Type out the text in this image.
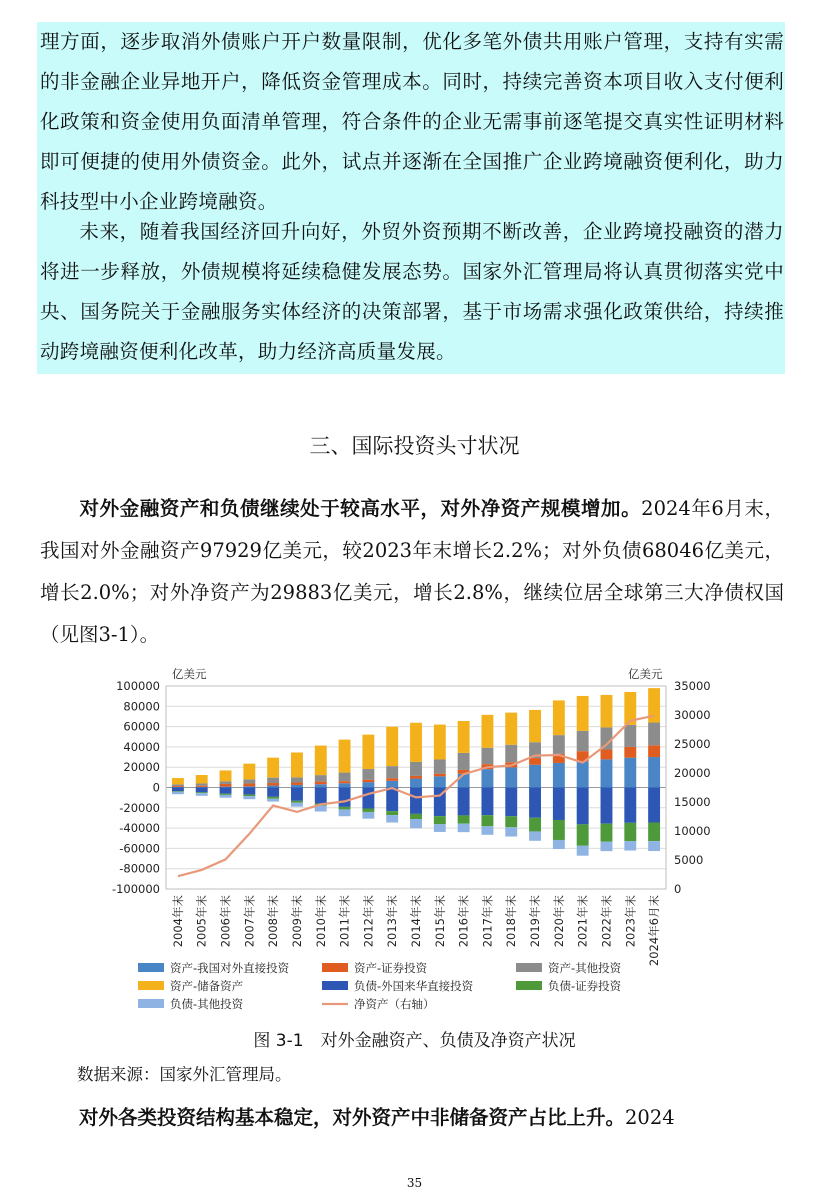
理方面，逐步取消外债账户开户数量限制，优化多笔外债共用账户管理，支持有实需的非金融企业异地开户，降低资金管理成本。同时，持续完善资本项目收入支付便利化政策和资金使用负面清单管理，符合条件的企业无需事前逐笔提交真实性证明材料即可便捷的使用外债资金。此外，试点并逐渐在全国推广企业跨境融资便利化，助力科技型中小企业跨境融资。

未来，随着我国经济回升向好，外贸外资预期不断改善，企业跨境投融资的潜力将进一步释放，外债规模将延续稳健发展态势。国家外汇管理局将认真贯彻落实党中央、国务院关于金融服务实体经济的决策部署，基于市场需求强化政策供给，持续推动跨境融资便利化改革，助力经济高质量发展。

三、国际投资头寸状况

对外金融资产和负债继续处于较高水平，对外净资产规模增加。2024年6月末，我国对外金融资产97929亿美元，较2023年末增长2.2%；对外负债68046亿美元，增长2.0%；对外净资产为29883亿美元，增长2.8%，继续位居全球第三大净债权国（见图3-1）。

100000
80000
60000
40000
20000
0
-20000
-40000
-60000
-80000
-100000
35000
30000
25000
20000
15000
10000
5000
0
亿美元	亿美元
2004年末 2005年末 2006年末 2007年末 2008年末 2009年末 2010年末 2011年末 2012年末 2013年末 2014年末 2015年末 2016年末 2017年末 2018年末 2019年末 2020年末 2021年末 2022年末 2023年末 2024年6月末
资产-我国对外直接投资	资产-证券投资	资产-其他投资
资产-储备资产	负债-外国来华直接投资	负债-证券投资
负债-其他投资	净资产（右轴）
图 3-1　对外金融资产、负债及净资产状况
数据来源：国家外汇管理局。

对外各类投资结构基本稳定，对外资产中非储备资产占比上升。2024

35
